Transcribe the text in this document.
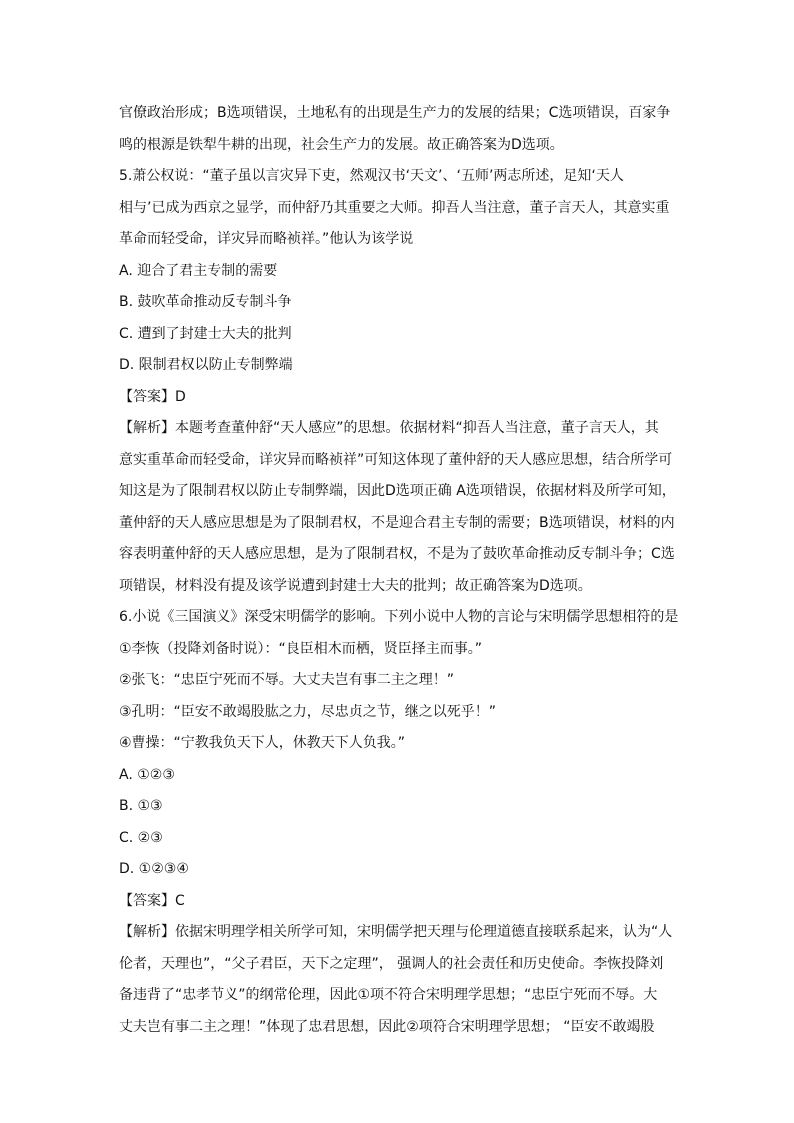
官僚政治形成；B选项错误，土地私有的出现是生产力的发展的结果；C选项错误，百家争
鸣的根源是铁犁牛耕的出现，社会生产力的发展。故正确答案为D选项。
5.萧公权说：“董子虽以言灾异下吏，然观汉书‘天文’、‘五师’两志所述，足知‘天人
相与’已成为西京之显学，而仲舒乃其重要之大师。抑吾人当注意，董子言天人，其意实重
革命而轻受命，详灾异而略祯祥。”他认为该学说
A. 迎合了君主专制的需要
B. 鼓吹革命推动反专制斗争
C. 遭到了封建士大夫的批判
D. 限制君权以防止专制弊端
【答案】D
【解析】本题考查董仲舒“天人感应”的思想。依据材料“抑吾人当注意，董子言天人，其
意实重革命而轻受命，详灾异而略祯祥”可知这体现了董仲舒的天人感应思想，结合所学可
知这是为了限制君权以防止专制弊端，因此D选项正确 A选项错误，依据材料及所学可知，
董仲舒的天人感应思想是为了限制君权，不是迎合君主专制的需要；B选项错误，材料的内
容表明董仲舒的天人感应思想，是为了限制君权，不是为了鼓吹革命推动反专制斗争；C选
项错误，材料没有提及该学说遭到封建士大夫的批判；故正确答案为D选项。
6.小说《三国演义》深受宋明儒学的影响。下列小说中人物的言论与宋明儒学思想相符的是
①李恢（投降刘备时说）：“良臣相木而栖，贤臣择主而事。”
②张飞：“忠臣宁死而不辱。大丈夫岂有事二主之理！”
③孔明：“臣安不敢竭股肱之力，尽忠贞之节，继之以死乎！”
④曹操：“宁教我负天下人，休教天下人负我。”
A. ①②③
B. ①③
C. ②③
D. ①②③④
【答案】C
【解析】依据宋明理学相关所学可知，宋明儒学把天理与伦理道德直接联系起来，认为“人
伦者，天理也”，“父子君臣，天下之定理”， 强调人的社会责任和历史使命。李恢投降刘
备违背了“忠孝节义”的纲常伦理，因此①项不符合宋明理学思想；“忠臣宁死而不辱。大
丈夫岂有事二主之理！”体现了忠君思想，因此②项符合宋明理学思想； “臣安不敢竭股
